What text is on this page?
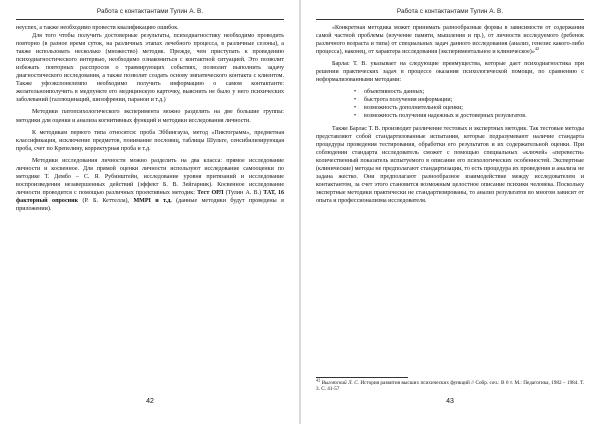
Работа с контактантами Тулин А. В.

неуспех, а также необходимо провести квалификацию ошибок.

Для того чтобы получить достоверные результаты, психодиагностику необходимо проводить повторно (в разное время суток, на различных этапах лечебного процесса, в различные сезоны), а также использовать несколько (множество) методик. Прежде, чем приступать к проведению психодиагностического интервью, необходимо ознакомиться с контактной ситуацией. Это позволит избежать повторных расспросов о травмирующих событиях, позволит выполнить задачу диагностического исследования, а также позволит создать основу эмпатического контакта с клиентом. Также уфоэкспонелемпо необходимо получить информацию о самом контактанте: желательноиполучить в медпункте его медицинскую карточку, выяснить не было у него психических заболеваний (галлюцинаций, шизофрении, паранои и т.д.)

Методики патопсихологического эксперимента можно разделить на две большие группы: методики для оценки и анализа когнитивных функций и методики исследования личности.

К методикам первого типа относятся: проба Эббингауза, метод «Пиктограмм», предметная классификация, исключение предметов, понимание пословиц, таблицы Шульте, сенсибилизирующая проба, счет по Крепелину, корректурная проба и т.д.

Методики исследования личности можно разделить на два класса: прямое исследование личности и косвенное. Для прямой оценки личности используют исследование самооценки по методике Т. Дембо – С. Я. Рубинштейн, исследование уровня притязаний и исследование воспроизведения незавершенных действий (эффект Б. В. Зейгарник). Косвенное исследование личности проводится с помощью различных проективных методик: Тест ОРЛ (Тулин А. В.) ТАТ, 16 факторный опросник (Р. Б. Кеттелла), ММРІ и т.д. (данные методики будут проведены в приложении).

42
Работа с контактантами Тулин А. В.

«Конкретная методика может принимать разнообразные формы в зависимости от содержания самой частной проблемы (изучение памяти, мышления и пр.), от личности исследуемого (ребенок различного возраста и типа) от специальных задач данного исследования (анализ, генезис какого-либо процесса), наконец, от характера исследования (экспериментальное и клиническое)»$^{42}$

Барлас Т. В. указывает на следующие преимущества, которые дает психодиагностика при решении практических задач в процессе оказания психологической помощи, по сравнению с неформализованными методами:

• объективность данных;
• быстрота получения информации;
• возможность дополнительной оценки;
• возможность получения надежных и достоверных результатов.

Также Барлас Т. В. производит различение тестовых и экспертных методик. Так тестовые методы представляют собой стандартизованные испытания, которые подразумевают наличие стандарта процедуры проведения тестирования, обработки его результатов и их содержательной оценки. При соблюдении стандарта исследователь сможет с помощью специальных «ключей» «перевести» количественный показатель испытуемого в описание его психологических особенностей. Экспертные (клинические) методы не предполагают стандартизации, то есть процедура их проведения и анализа не задана жестко. Они предполагают разнообразное взаимодействие между исследователем и контактантом, за счет этого становится возможным целостное описание психики человека. Поскольку экспертные методики практически не стандартизированы, то анализ результатов во многом зависит от опыта и профессионализма исследователя.

$^{42}$ Выготский Л. С. История развития высших психических функций // Собр. соч.: В 6 т. М.: Педагогика, 1982 – 1984. Т. 3. С. 41-57
43
